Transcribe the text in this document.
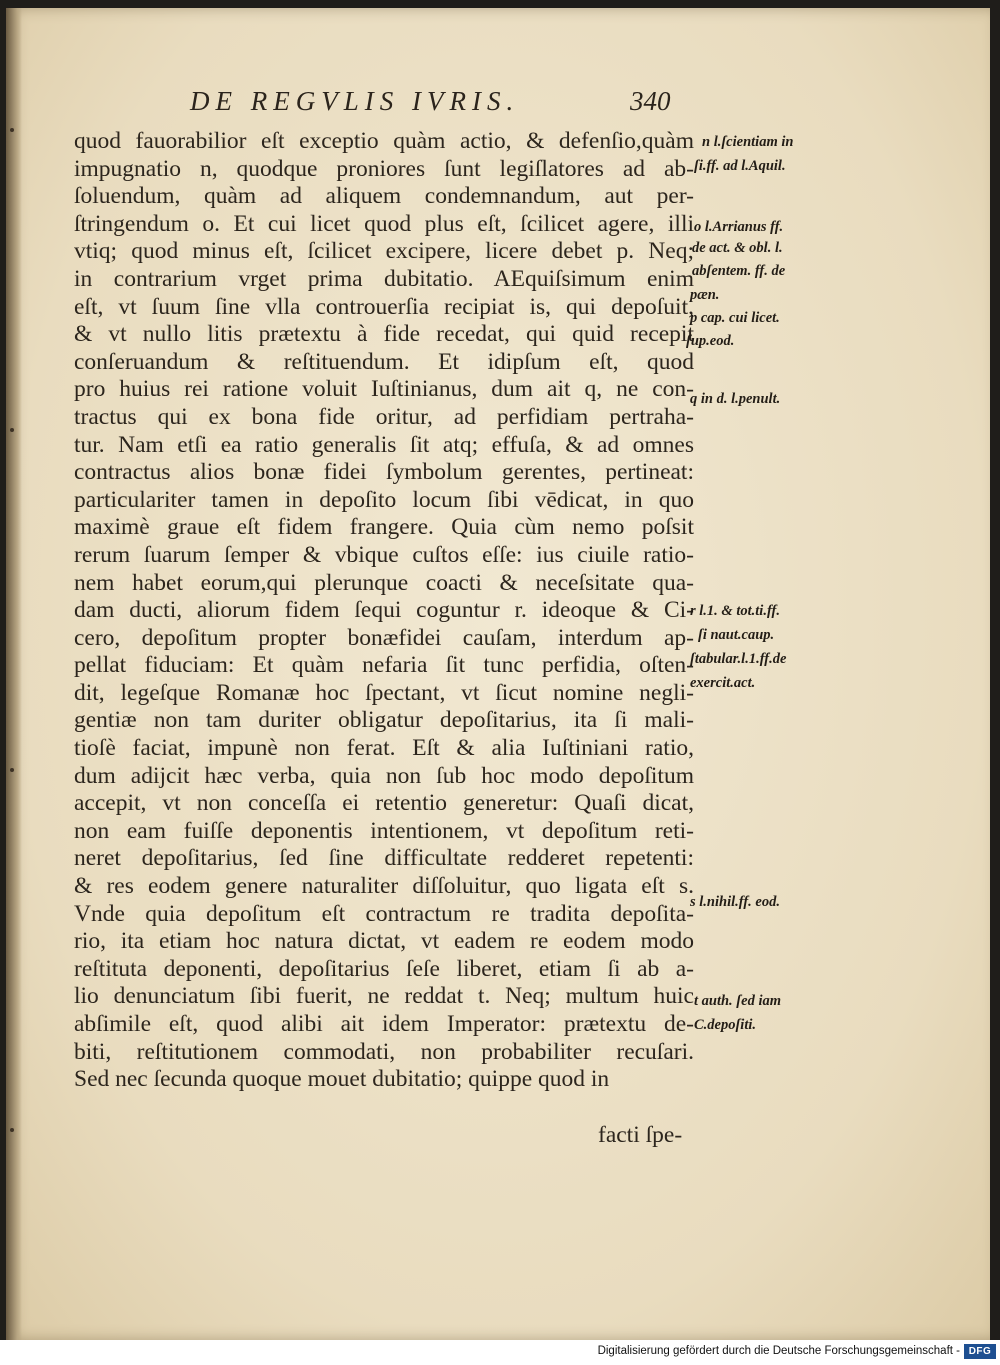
DE REGVLIS IVRIS.	340
quod fauorabilior eſt exceptio quàm actio, & defenſio,quàm
impugnatio n, quodque proniores ſunt legiſlatores ad ab-
ſoluendum, quàm ad aliquem condemnandum, aut per-
ſtringendum o. Et cui licet quod plus eſt, ſcilicet agere, illi
vtiq; quod minus eſt, ſcilicet excipere, licere debet p. Neq;
in contrarium vrget prima dubitatio. AEquiſsimum enim
eſt, vt ſuum ſine vlla controuerſia recipiat is, qui depoſuit,
& vt nullo litis prætextu à fide recedat, qui quid recepit
conſeruandum & reſtituendum. Et idipſum eſt, quod
pro huius rei ratione voluit Iuſtinianus, dum ait q, ne con-
tractus qui ex bona fide oritur, ad perfidiam pertraha-
tur. Nam etſi ea ratio generalis ſit atq; effuſa, & ad omnes
contractus alios bonæ fidei ſymbolum gerentes, pertineat:
particulariter tamen in depoſito locum ſibi vēdicat, in quo
maximè graue eſt fidem frangere. Quia cùm nemo poſsit
rerum ſuarum ſemper & vbique cuſtos eſſe: ius ciuile ratio-
nem habet eorum,qui plerunque coacti & neceſsitate qua-
dam ducti, aliorum fidem ſequi coguntur r. ideoque & Ci-
cero, depoſitum propter bonæfidei cauſam, interdum ap-
pellat fiduciam: Et quàm nefaria ſit tunc perfidia, oſten-
dit, legeſque Romanæ hoc ſpectant, vt ſicut nomine negli-
gentiæ non tam duriter obligatur depoſitarius, ita ſi mali-
tioſè faciat, impunè non ferat. Eſt & alia Iuſtiniani ratio,
dum adijcit hæc verba, quia non ſub hoc modo depoſitum
accepit, vt non conceſſa ei retentio generetur: Quaſi dicat,
non eam fuiſſe deponentis intentionem, vt depoſitum reti-
neret depoſitarius, ſed ſine difficultate redderet repetenti:
& res eodem genere naturaliter diſſoluitur, quo ligata eſt s.
Vnde quia depoſitum eſt contractum re tradita depoſita-
rio, ita etiam hoc natura dictat, vt eadem re eodem modo
reſtituta deponenti, depoſitarius ſeſe liberet, etiam ſi ab a-
lio denunciatum ſibi fuerit, ne reddat t. Neq; multum huic
abſimile eſt, quod alibi ait idem Imperator: prætextu de-
biti, reſtitutionem commodati, non probabiliter recuſari.
Sed nec ſecunda quoque mouet dubitatio; quippe quod in
facti ſpe-
n l.ſcientiam in
ſi.ff. ad l.Aquil.
o l.Arrianus ff.
de act. & obl. l.
abſentem. ff. de
pæn.
p cap. cui licet.
ſup.eod.
q in d. l.penult.
r l.1. & tot.ti.ff.
ſi naut.caup.
ſtabular.l.1.ff.de
exercit.act.
s l.nihil.ff. eod.
t auth. ſed iam
C.depoſiti.
Digitalisierung gefördert durch die Deutsche Forschungsgemeinschaft - DFG
